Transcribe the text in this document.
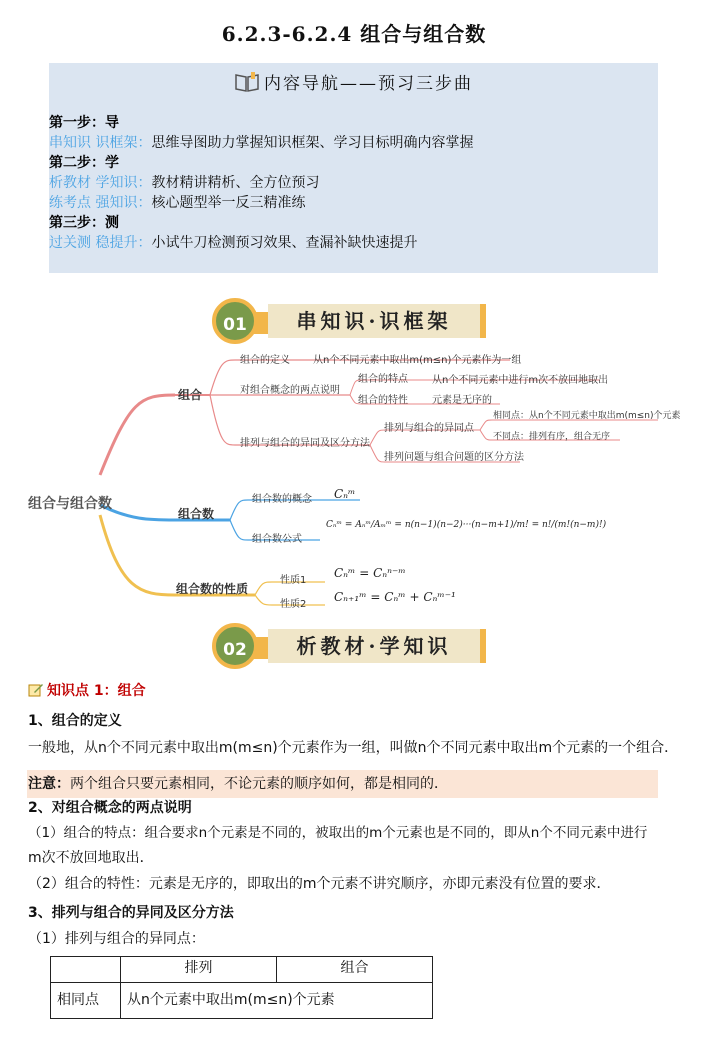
6.2.3-6.2.4 组合与组合数
内容导航——预习三步曲
第一步：导
串知识 识框架：思维导图助力掌握知识框架、学习目标明确内容掌握
第二步：学
析教材 学知识：教材精讲精析、全方位预习
练考点 强知识：核心题型举一反三精准练
第三步：测
过关测 稳提升：小试牛刀检测预习效果、查漏补缺快速提升
串知识·识框架
01
组合与组合数
组合
组合的定义 从n个不同元素中取出m(m≤n)个元素作为一组
对组合概念的两点说明
组合的特点 从n个不同元素中进行m次不放回地取出
组合的特性 元素是无序的
排列与组合的异同及区分方法
排列与组合的异同点
相同点：从n个不同元素中取出m(m≤n)个元素
不同点：排列有序，组合无序
排列问题与组合问题的区分方法
组合数
组合数的概念 Cₙᵐ
组合数公式
Cₙᵐ = Aₙᵐ/Aₘᵐ = n(n−1)(n−2)···(n−m+1)/m! = n!/(m!(n−m)!)
组合数的性质
性质1
Cₙᵐ = Cₙⁿ⁻ᵐ
性质2
Cₙ₊₁ᵐ = Cₙᵐ + Cₙᵐ⁻¹
析教材·学知识
02
知识点 1：组合
1、组合的定义
一般地，从n个不同元素中取出m(m≤n)个元素作为一组，叫做n个不同元素中取出m个元素的一个组合．
注意：两个组合只要元素相同，不论元素的顺序如何，都是相同的．
2、对组合概念的两点说明
（1）组合的特点：组合要求n个元素是不同的，被取出的m个元素也是不同的，即从n个不同元素中进行
m次不放回地取出．
（2）组合的特性：元素是无序的，即取出的m个元素不讲究顺序，亦即元素没有位置的要求．
3、排列与组合的异同及区分方法
（1）排列与组合的异同点：
	排列	组合
相同点	从n个元素中取出m(m≤n)个元素	
